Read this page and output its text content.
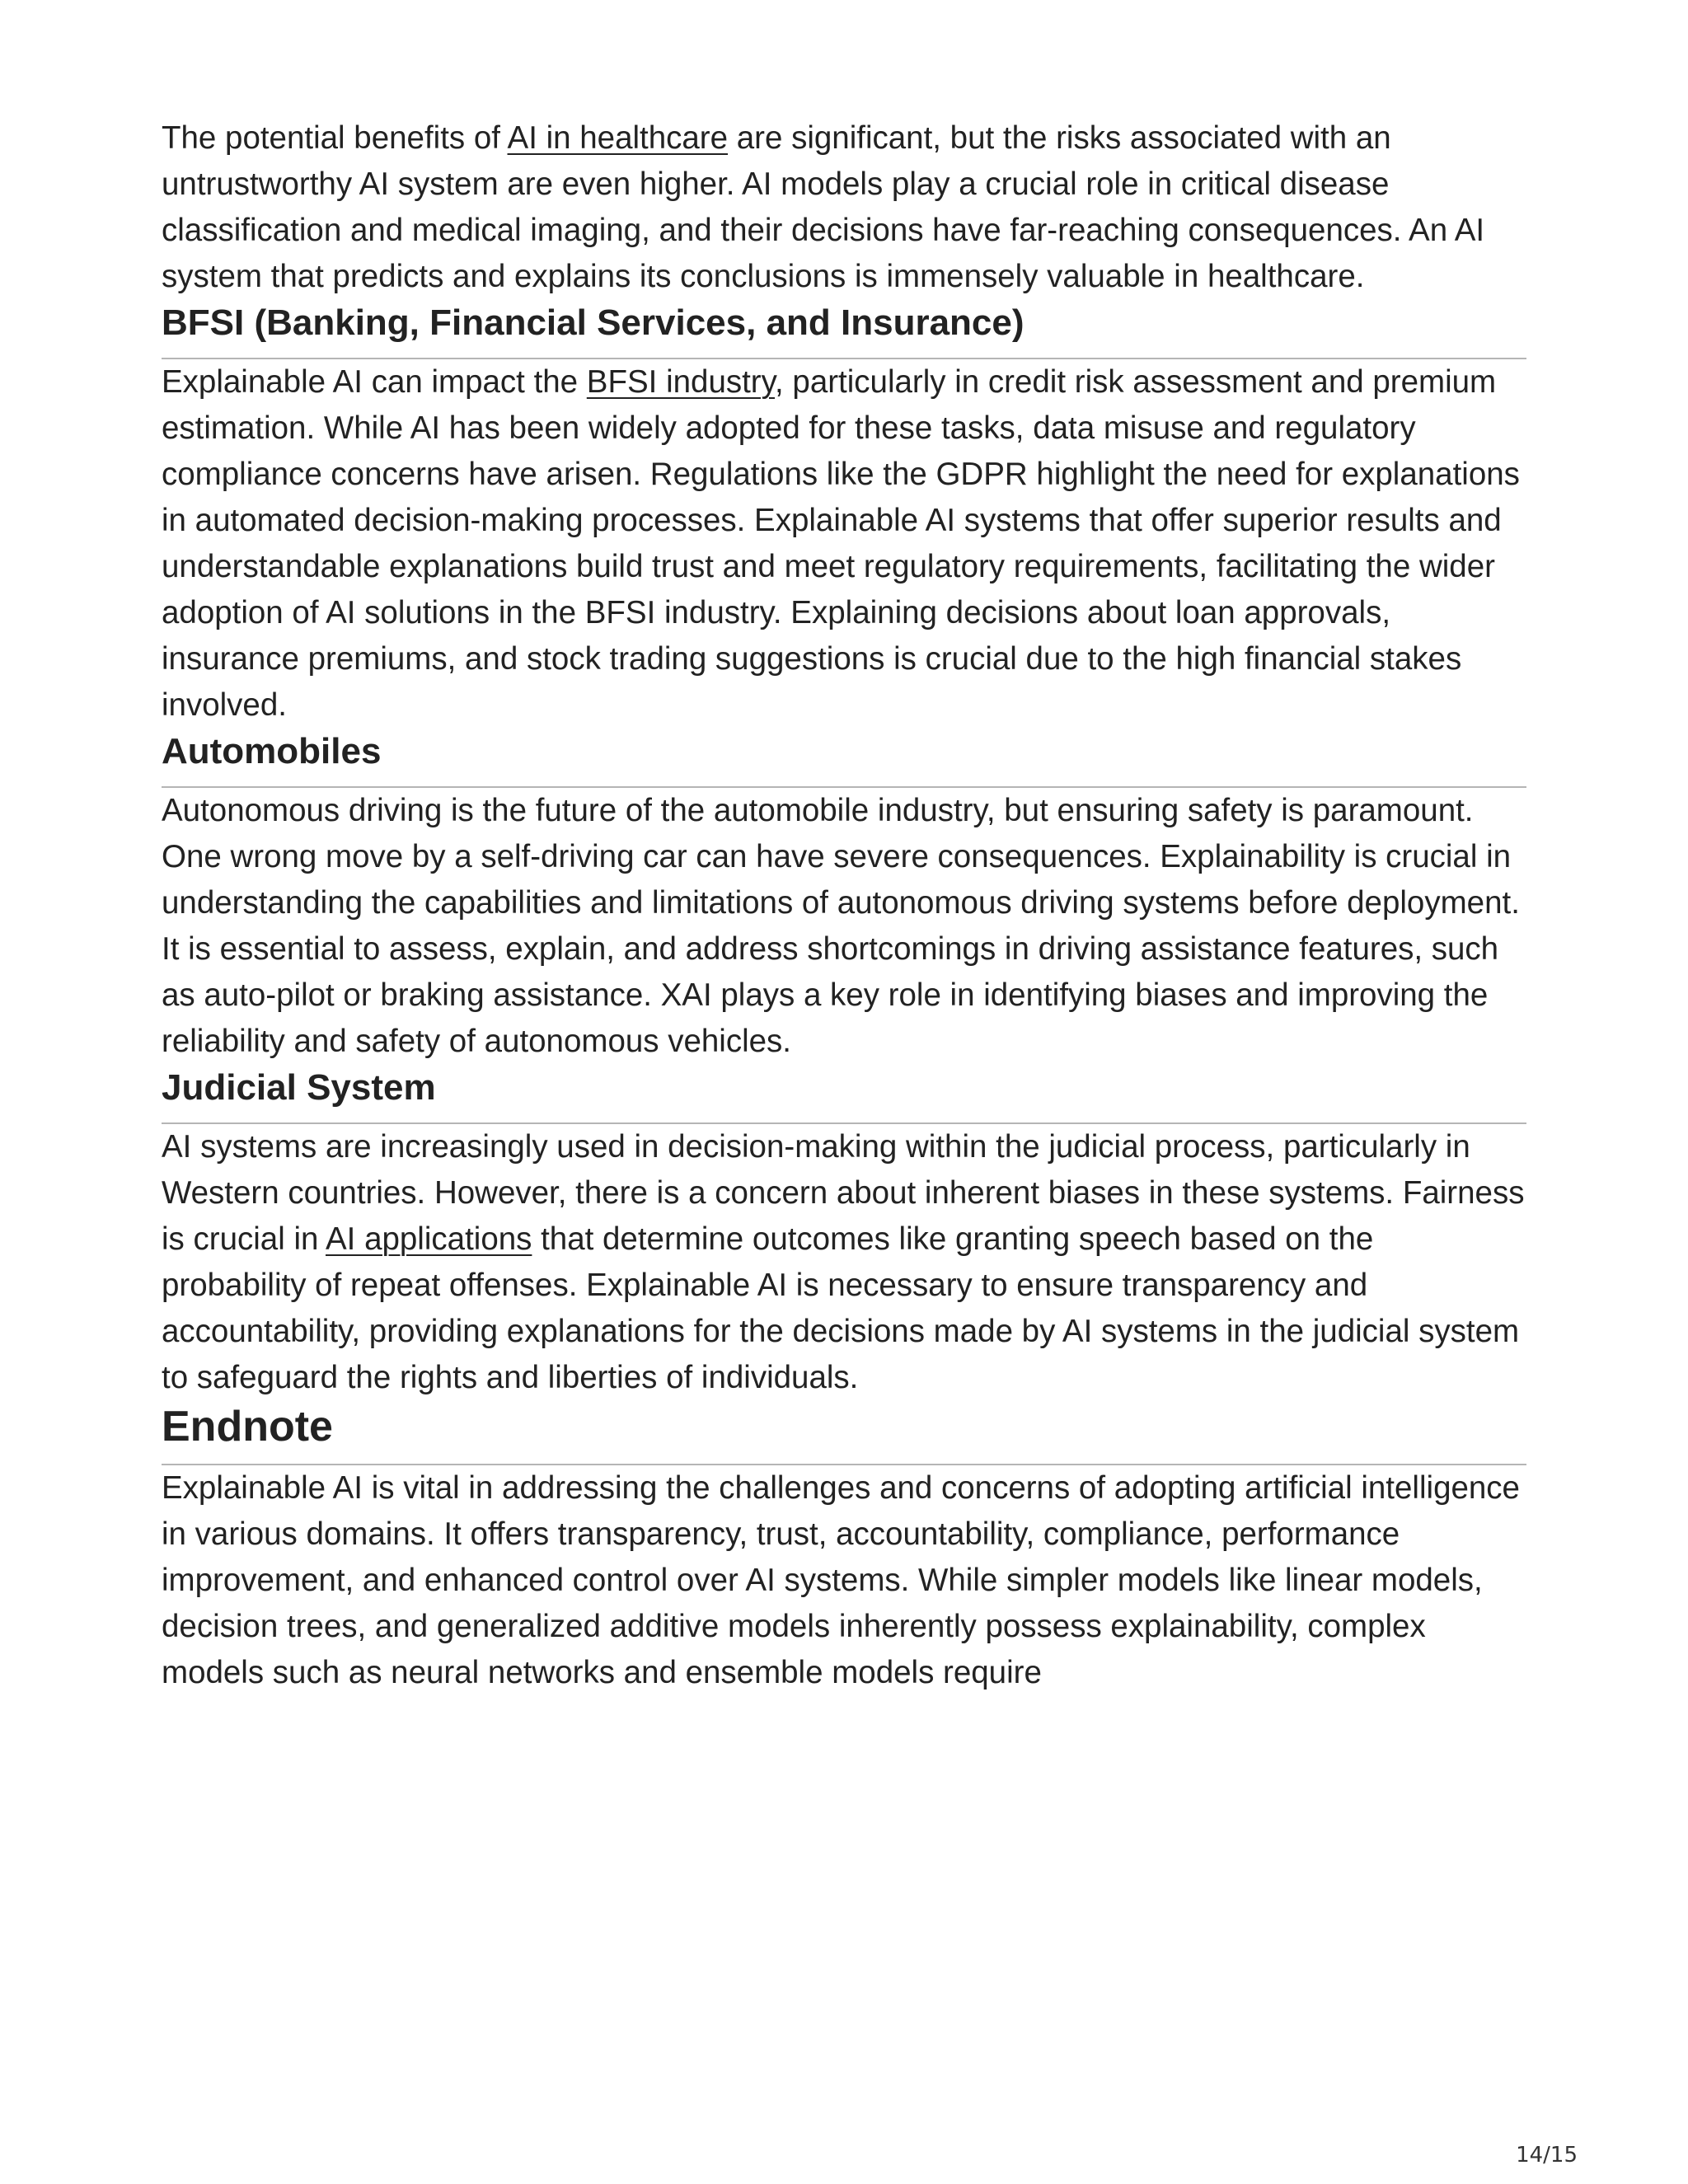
The potential benefits of AI in healthcare are significant, but the risks associated with an untrustworthy AI system are even higher. AI models play a crucial role in critical disease classification and medical imaging, and their decisions have far-reaching consequences. An AI system that predicts and explains its conclusions is immensely valuable in healthcare.

BFSI (Banking, Financial Services, and Insurance)

Explainable AI can impact the BFSI industry, particularly in credit risk assessment and premium estimation. While AI has been widely adopted for these tasks, data misuse and regulatory compliance concerns have arisen. Regulations like the GDPR highlight the need for explanations in automated decision-making processes. Explainable AI systems that offer superior results and understandable explanations build trust and meet regulatory requirements, facilitating the wider adoption of AI solutions in the BFSI industry. Explaining decisions about loan approvals, insurance premiums, and stock trading suggestions is crucial due to the high financial stakes involved.

Automobiles

Autonomous driving is the future of the automobile industry, but ensuring safety is paramount. One wrong move by a self-driving car can have severe consequences. Explainability is crucial in understanding the capabilities and limitations of autonomous driving systems before deployment. It is essential to assess, explain, and address shortcomings in driving assistance features, such as auto-pilot or braking assistance. XAI plays a key role in identifying biases and improving the reliability and safety of autonomous vehicles.

Judicial System

AI systems are increasingly used in decision-making within the judicial process, particularly in Western countries. However, there is a concern about inherent biases in these systems. Fairness is crucial in AI applications that determine outcomes like granting speech based on the probability of repeat offenses. Explainable AI is necessary to ensure transparency and accountability, providing explanations for the decisions made by AI systems in the judicial system to safeguard the rights and liberties of individuals.

Endnote

Explainable AI is vital in addressing the challenges and concerns of adopting artificial intelligence in various domains. It offers transparency, trust, accountability, compliance, performance improvement, and enhanced control over AI systems. While simpler models like linear models, decision trees, and generalized additive models inherently possess explainability, complex models such as neural networks and ensemble models require

14/15
